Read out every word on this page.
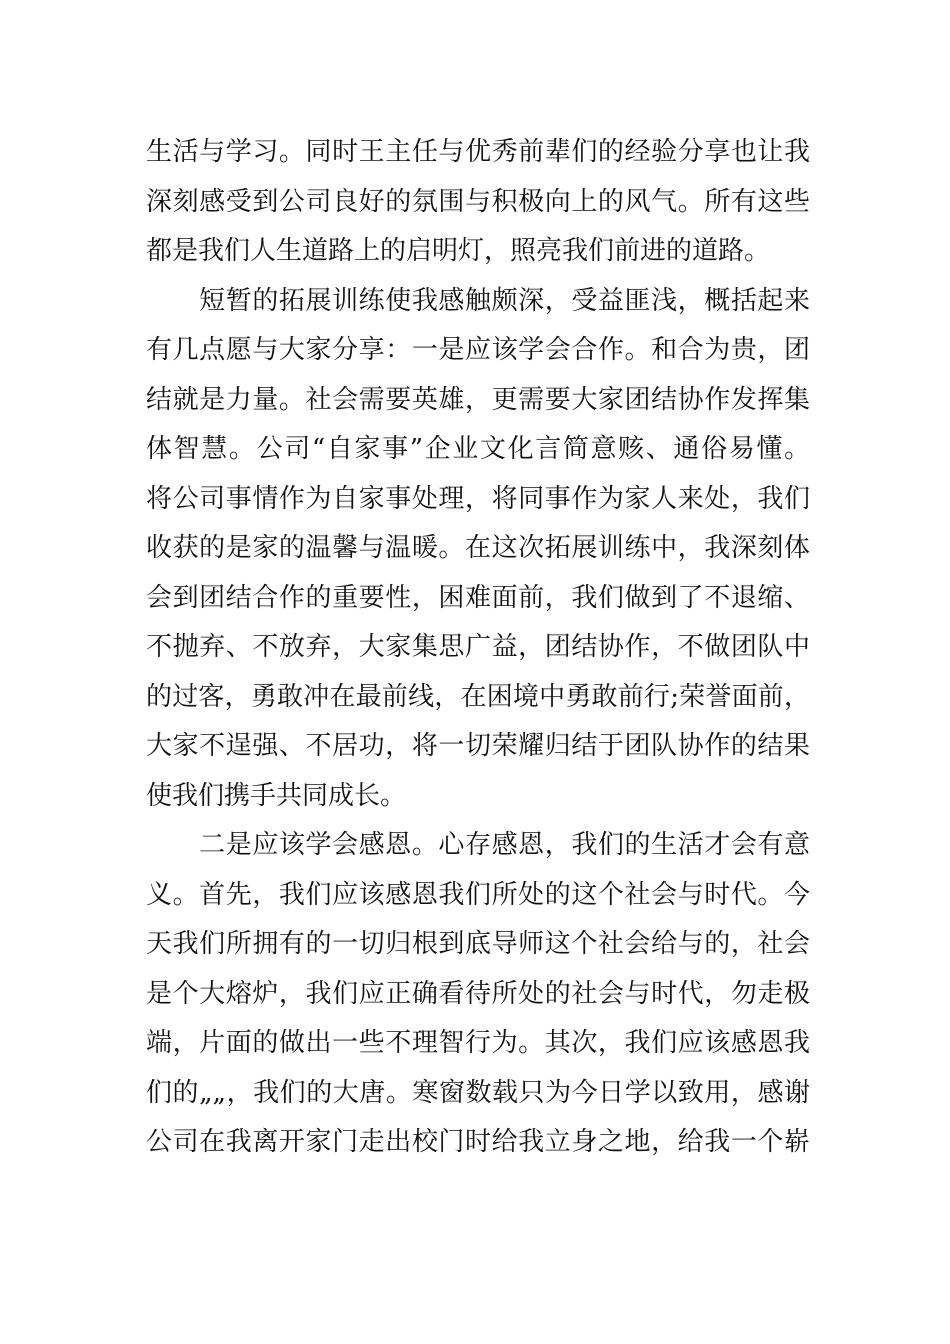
生活与学习。同时王主任与优秀前辈们的经验分享也让我
深刻感受到公司良好的氛围与积极向上的风气。所有这些
都是我们人生道路上的启明灯，照亮我们前进的道路。
　　短暂的拓展训练使我感触颇深，受益匪浅，概括起来
有几点愿与大家分享：一是应该学会合作。和合为贵，团
结就是力量。社会需要英雄，更需要大家团结协作发挥集
体智慧。公司“自家事”企业文化言简意赅、通俗易懂。
将公司事情作为自家事处理，将同事作为家人来处，我们
收获的是家的温馨与温暖。在这次拓展训练中，我深刻体
会到团结合作的重要性，困难面前，我们做到了不退缩、
不抛弃、不放弃，大家集思广益，团结协作，不做团队中
的过客，勇敢冲在最前线，在困境中勇敢前行;荣誉面前，
大家不逞强、不居功，将一切荣耀归结于团队协作的结果
使我们携手共同成长。
　　二是应该学会感恩。心存感恩，我们的生活才会有意
义。首先，我们应该感恩我们所处的这个社会与时代。今
天我们所拥有的一切归根到底导师这个社会给与的，社会
是个大熔炉，我们应正确看待所处的社会与时代，勿走极
端，片面的做出一些不理智行为。其次，我们应该感恩我
们的„„，我们的大唐。寒窗数载只为今日学以致用，感谢
公司在我离开家门走出校门时给我立身之地，给我一个崭
